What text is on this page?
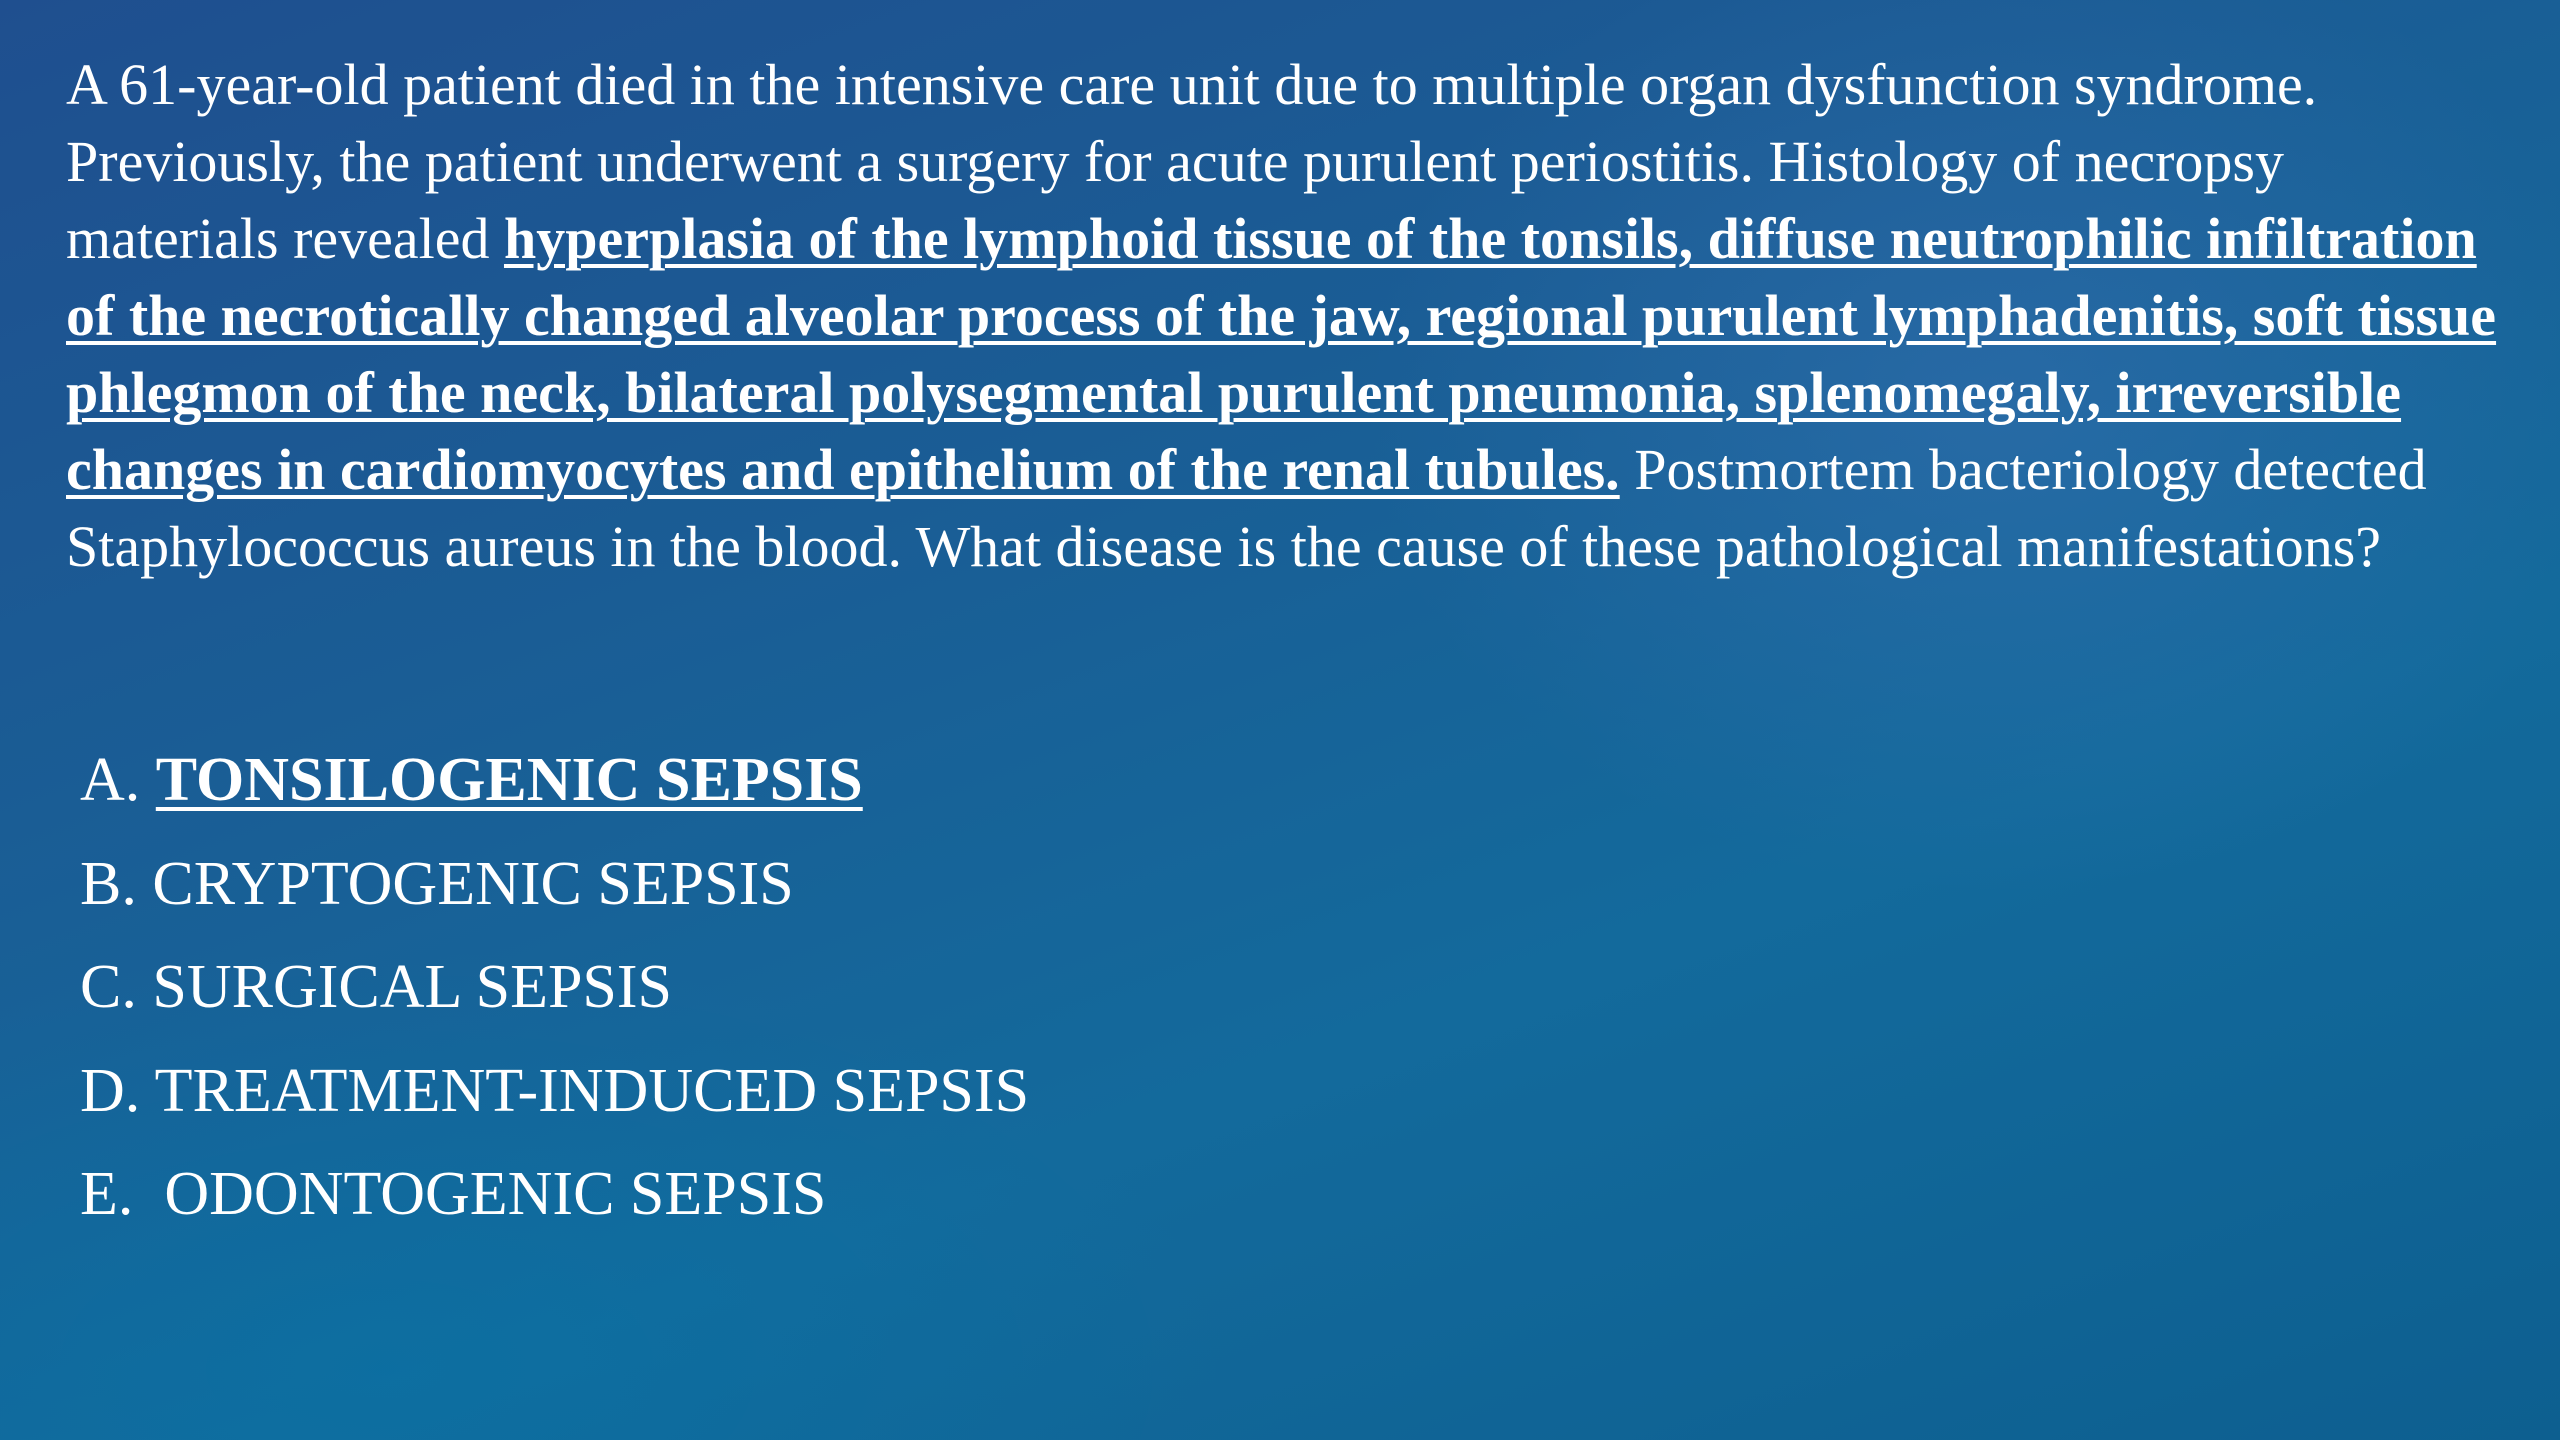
A 61-year-old patient died in the intensive care unit due to multiple organ dysfunction syndrome. Previously, the patient underwent a surgery for acute purulent periostitis. Histology of necropsy materials revealed hyperplasia of the lymphoid tissue of the tonsils, diffuse neutrophilic infiltration of the necrotically changed alveolar process of the jaw, regional purulent lymphadenitis, soft tissue phlegmon of the neck, bilateral polysegmental purulent pneumonia, splenomegaly, irreversible changes in cardiomyocytes and epithelium of the renal tubules. Postmortem bacteriology detected Staphylococcus aureus in the blood. What disease is the cause of these pathological manifestations?

A. TONSILOGENIC SEPSIS
B. CRYPTOGENIC SEPSIS
C. SURGICAL SEPSIS
D. TREATMENT-INDUCED SEPSIS
E.  ODONTOGENIC SEPSIS
